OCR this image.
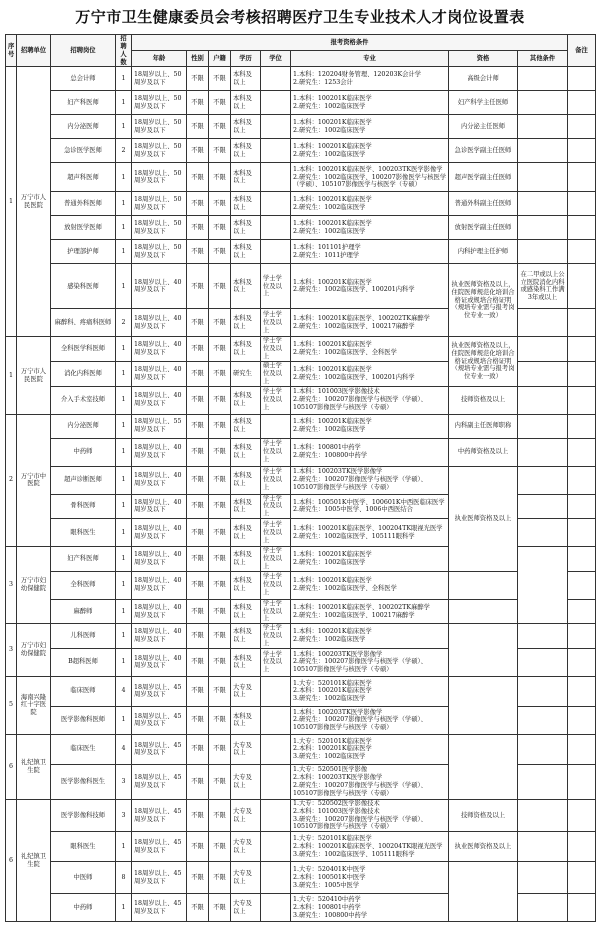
万宁市卫生健康委员会考核招聘医疗卫生专业技术人才岗位设置表
序号	招聘单位	招聘岗位	招聘人数	报考资格条件								备注	
				年龄	性别	户籍	学历	学位	专业	资格	其他条件		
1	万宁市人民医院	总会计师	1	18周岁以上、50周岁及以下	不限	不限	本科及以上		1.本科：120204财务管理、120203K会计学
2.研究生：1253会计	高级会计师			
		妇产科医师	1	18周岁以上、50周岁及以下	不限	不限	本科及以上		1.本科：100201K临床医学
2.研究生：1002临床医学	妇产科学主任医师			
		内分泌医师	1	18周岁以上、50周岁及以下	不限	不限	本科及以上		1.本科：100201K临床医学
2.研究生：1002临床医学	内分泌主任医师			
		急诊医学医师	2	18周岁以上、50周岁及以下	不限	不限	本科及以上		1.本科：100201K临床医学
2.研究生：1002临床医学	急诊医学副主任医师			
		超声科医师	1	18周岁以上、50周岁及以下	不限	不限	本科及以上		1.本科：100201K临床医学、100203TK医学影像学
2.研究生：1002临床医学、100207影像医学与核医学
（学硕）、105107影像医学与核医学（专硕）	超声医学副主任医师			
		普通外科医师	1	18周岁以上、50周岁及以下	不限	不限	本科及以上		1.本科：100201K临床医学
2.研究生：1002临床医学	普通外科副主任医师			
		放射医学医师	1	18周岁以上、50周岁及以下	不限	不限	本科及以上		1.本科：100201K临床医学
2.研究生：1002临床医学	放射医学副主任医师			
		护理部护师	1	18周岁以上、50周岁及以下	不限	不限	本科及以上		1.本科：101101护理学
2.研究生：1011护理学	内科护理主任护师			
		感染科医师	1	18周岁以上、40周岁及以下	不限	不限	本科及以上	学士学位及以上	1.本科：100201K临床医学
2.研究生：1002临床医学、100201内科学	执业医师资格及以上，住院医师规范化培训合格证或规培合格证明（规培专业需与报考岗位专业一致）	在二甲或以上公立医院消化内科或感染科工作满3年或以上		
		麻醉科、疼痛科医师	2	18周岁以上、40周岁及以下	不限	不限	本科及以上	学士学位及以上	1.本科：100201K临床医学、100202TK麻醉学
2.研究生：1002临床医学、100217麻醉学				

1	万宁市人民医院	全科医学科医师	1	18周岁以上、40周岁及以下	不限	不限	本科及以上	学士学位及以上	1.本科：100201K临床医学
2.研究生：1002临床医学、全科医学	执业医师资格及以上，住院医师规范化培训合格证或规培合格证明（规培专业需与报考岗位专业一致）			
		消化内科医师	1	18周岁以上、40周岁及以下	不限	不限	研究生	硕士学位及以上	1.本科：100201K临床医学
2.研究生：1002临床医学、100201内科学				

		介入手术室技师	1	18周岁以上、40周岁及以下	不限	不限	本科及以上	学士学位及以上	1.本科：101003医学影像技术
2.研究生：100207影像医学与核医学（学硕）、
105107影像医学与核医学（专硕）	技师资格及以上			
2	万宁市中医院	内分泌医师	1	18周岁以上、55周岁及以下	不限	不限	本科及以上		1.本科：100201K临床医学
2.研究生：1002临床医学	内科副主任医师职称			
		中药师	1	18周岁以上、40周岁及以下	不限	不限	本科及以上	学士学位及以上	1.本科：100801中药学
2.研究生：100800中药学	中药师资格及以上			
		超声诊断医师	1	18周岁以上、40周岁及以下	不限	不限	本科及以上	学士学位及以上	1.本科：100203TK医学影像学
2.研究生：100207影像医学与核医学（学硕）、
105107影像医学与核医学（专硕）	执业医师资格及以上			
		骨科医师	1	18周岁以上、40周岁及以下	不限	不限	本科及以上	学士学位及以上	1.本科：100501K中医学、100601K中西医临床医学
2.研究生：1005中医学、1006中西医结合				

		眼科医生	1	18周岁以上、40周岁及以下	不限	不限	本科及以上	学士学位及以上	1.本科：100201K临床医学、100204TK眼视光医学
2.研究生：1002临床医学、105111眼科学				

3	万宁市妇幼保健院	妇产科医师	1	18周岁以上、40周岁及以下	不限	不限	本科及以上	学士学位及以上	1.本科：100201K临床医学
2.研究生：1002临床医学				

		全科医师	1	18周岁以上、40周岁及以下	不限	不限	本科及以上	学士学位及以上	1.本科：100201K临床医学
2.研究生：1002临床医学、全科医学				

		麻醉师	1	18周岁以上、40周岁及以下	不限	不限	本科及以上	学士学位及以上	1.本科：100201K临床医学、100202TK麻醉学
2.研究生：1002临床医学、100217麻醉学				

3	万宁市妇幼保健院	儿科医师	1	18周岁以上、40周岁及以下	不限	不限	本科及以上	学士学位及以上	1.本科：100201K临床医学
2.研究生：1002临床医学				

		B超科医师	1	18周岁以上、40周岁及以下	不限	不限	本科及以上	学士学位及以上	1.本科：100203TK医学影像学
2.研究生：100207影像医学与核医学（学硕）、
105107影像医学与核医学（专硕）				

5	海南兴隆红十字医院	临床医师	4	18周岁以上、45周岁及以下	不限	不限	大专及以上		1.大专：520101K临床医学
2.本科：100201K临床医学
3.研究生：1002临床医学				

		医学影像科医师	1	18周岁以上、45周岁及以下	不限	不限	本科及以上		1.本科：100203TK医学影像学
2.研究生：100207影像医学与核医学（学硕）、
105107影像医学与核医学（专硕）				

6	礼纪镇卫生院	临床医生	4	18周岁以上、45周岁及以下	不限	不限	大专及以上		1.大专：520101K临床医学
2.本科：100201K临床医学
3.研究生：1002临床医学				

		医学影像科医生	3	18周岁以上、45周岁及以下	不限	不限	大专及以上		1.大专：520501医学影像
2.本科：100203TK医学影像学
2.研究生：100207影像医学与核医学（学硕）、
105107影像医学与核医学（专硕）				

6	礼纪镇卫生院	医学影像科技师	3	18周岁以上、45周岁及以下	不限	不限	大专及以上		1.大专：520502医学影像技术
2.本科：101003医学影像技术
3.研究生：100207影像医学与核医学（学硕）、
105107影像医学与核医学（专硕）	技师资格及以上			
		眼科医生	1	18周岁以上、45周岁及以下	不限	不限	大专及以上		1.大专：520101K临床医学
2.本科：100201K临床医学、100204TK眼视光医学
3.研究生：1002临床医学、105111眼科学	执业医师资格及以上			
		中医师	8	18周岁以上、45周岁及以下	不限	不限	大专及以上		1.大专：520401K中医学
2.本科：100501K中医学
3.研究生：1005中医学				

		中药师	1	18周岁以上、45周岁及以下	不限	不限	大专及以上		1.大专：520410中药学
2.本科：100801中药学
3.研究生：100800中药学				
